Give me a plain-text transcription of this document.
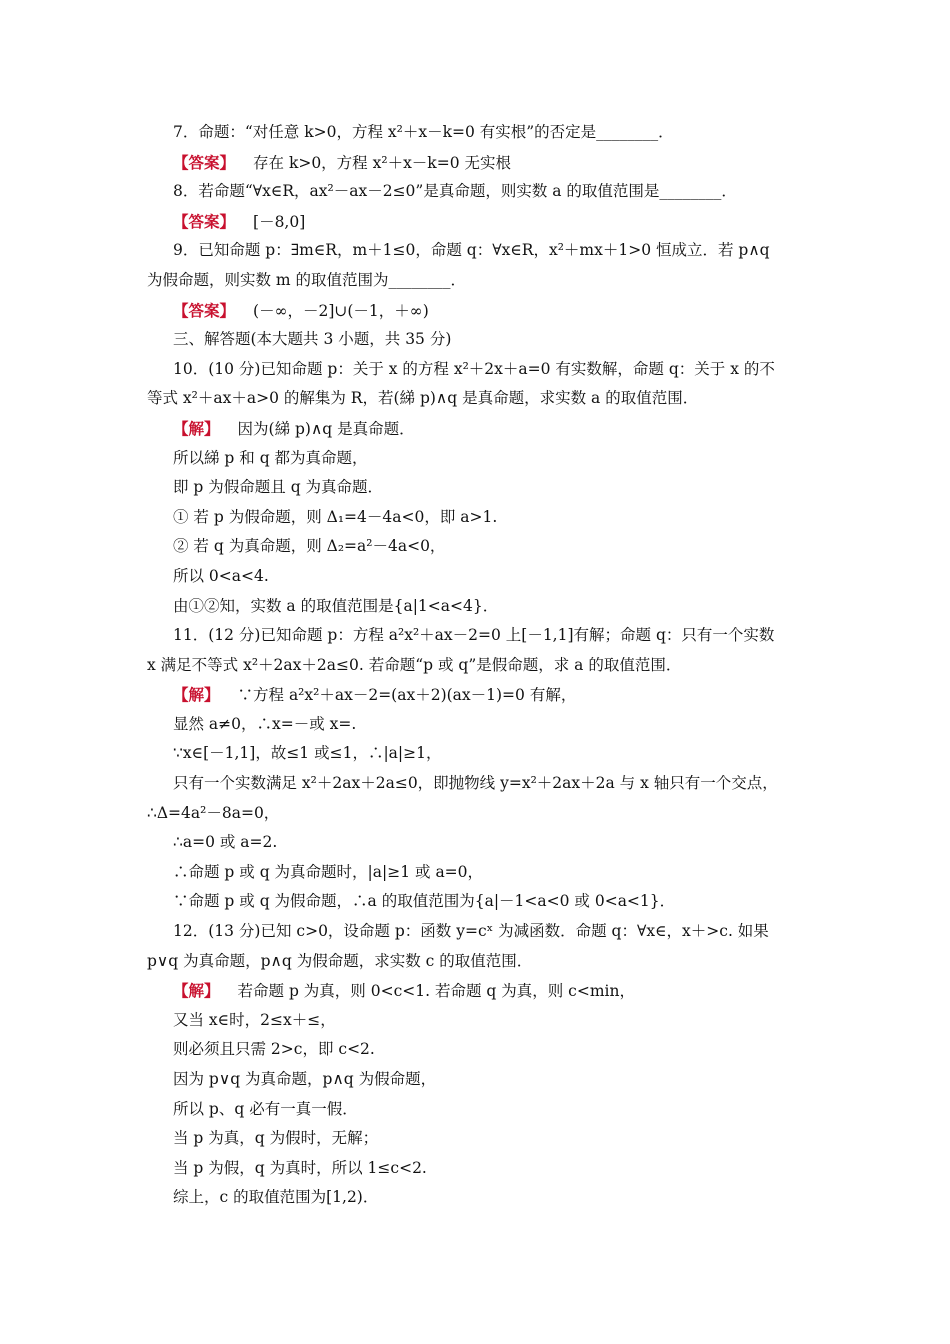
7．命题：“对任意 k>0，方程 x²＋x－k=0 有实根”的否定是________．
【答案】 存在 k>0，方程 x²＋x－k=0 无实根
8．若命题“∀x∈R，ax²－ax－2≤0”是真命题，则实数 a 的取值范围是________．
【答案】 [－8,0]
9．已知命题 p：∃m∈R，m＋1≤0，命题 q：∀x∈R，x²＋mx＋1>0 恒成立．若 p∧q
为假命题，则实数 m 的取值范围为________．
【答案】 (－∞，－2]∪(－1，＋∞)
三、解答题(本大题共 3 小题，共 35 分)
10．(10 分)已知命题 p：关于 x 的方程 x²＋2x＋a=0 有实数解，命题 q：关于 x 的不
等式 x²＋ax＋a>0 的解集为 R，若(綈 p)∧q 是真命题，求实数 a 的取值范围．
【解】 因为(綈 p)∧q 是真命题．
所以綈 p 和 q 都为真命题，
即 p 为假命题且 q 为真命题．
① 若 p 为假命题，则 Δ₁=4－4a<0，即 a>1.
② 若 q 为真命题，则 Δ₂=a²－4a<0，
所以 0<a<4.
由①②知，实数 a 的取值范围是{a|1<a<4}．
11．(12 分)已知命题 p：方程 a²x²＋ax－2=0 上[－1,1]有解；命题 q：只有一个实数
x 满足不等式 x²＋2ax＋2a≤0. 若命题“p 或 q”是假命题，求 a 的取值范围．
【解】 ∵方程 a²x²＋ax－2=(ax＋2)(ax－1)=0 有解，
显然 a≠0，∴x=－或 x=.
∵x∈[－1,1]，故≤1 或≤1，∴|a|≥1，
只有一个实数满足 x²＋2ax＋2a≤0，即抛物线 y=x²＋2ax＋2a 与 x 轴只有一个交点，
∴Δ=4a²－8a=0，
∴a=0 或 a=2.
∴命题 p 或 q 为真命题时，|a|≥1 或 a=0，
∵命题 p 或 q 为假命题，∴a 的取值范围为{a|－1<a<0 或 0<a<1}．
12．(13 分)已知 c>0，设命题 p：函数 y=cˣ 为减函数．命题 q：∀x∈，x＋>c. 如果
p∨q 为真命题，p∧q 为假命题，求实数 c 的取值范围．
【解】 若命题 p 为真，则 0<c<1. 若命题 q 为真，则 c<min，
又当 x∈时，2≤x＋≤，
则必须且只需 2>c，即 c<2.
因为 p∨q 为真命题，p∧q 为假命题，
所以 p、q 必有一真一假．
当 p 为真，q 为假时，无解；
当 p 为假，q 为真时，所以 1≤c<2.
综上，c 的取值范围为[1,2)．
